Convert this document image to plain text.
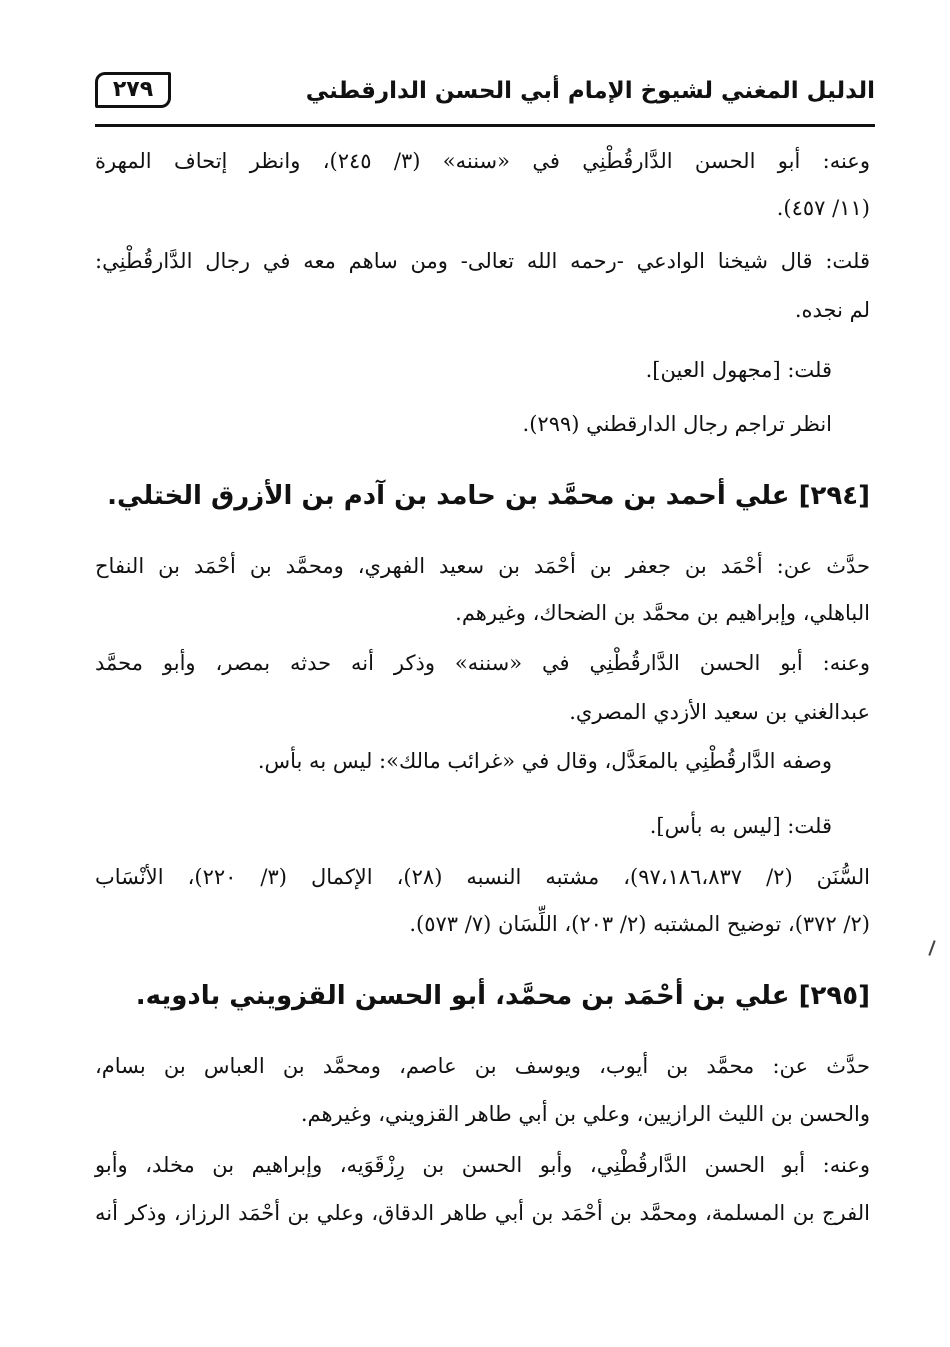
الدليل المغني لشيوخ الإمام أبي الحسن الدارقطني
٢٧٩
وعنه: أبو الحسن الدَّارقُطْنِي في «سننه» (٣/ ٢٤٥)، وانظر إتحاف المهرة
(١١/ ٤٥٧).
قلت: قال شيخنا الوادعي -رحمه الله تعالى- ومن ساهم معه في رجال الدَّارقُطْنِي:
لم نجده.
قلت: [مجهول العين].
انظر تراجم رجال الدارقطني (٢٩٩).
[٢٩٤] علي أحمد بن محمَّد بن حامد بن آدم بن الأزرق الختلي.
حدَّث عن: أحْمَد بن جعفر بن أحْمَد بن سعيد الفهري، ومحمَّد بن أحْمَد بن النفاح
الباهلي، وإبراهيم بن محمَّد بن الضحاك، وغيرهم.
وعنه: أبو الحسن الدَّارقُطْنِي في «سننه» وذكر أنه حدثه بمصر، وأبو محمَّد
عبدالغني بن سعيد الأزدي المصري.
وصفه الدَّارقُطْنِي بالمعَدَّل، وقال في «غرائب مالك»: ليس به بأس.
قلت: [ليس به بأس].
السُّنَن (٢/ ٩٧،١٨٦،٨٣٧)، مشتبه النسبه (٢٨)، الإكمال (٣/ ٢٢٠)، الأنْسَاب
(٢/ ٣٧٢)، توضيح المشتبه (٢/ ٢٠٣)، اللِّسَان (٧/ ٥٧٣).
[٢٩٥] علي بن أحْمَد بن محمَّد، أبو الحسن القزويني بادويه.
حدَّث عن: محمَّد بن أيوب، ويوسف بن عاصم، ومحمَّد بن العباس بن بسام،
والحسن بن الليث الرازيين، وعلي بن أبي طاهر القزويني، وغيرهم.
وعنه: أبو الحسن الدَّارقُطْنِي، وأبو الحسن بن رِزْقَوَيه، وإبراهيم بن مخلد، وأبو
الفرج بن المسلمة، ومحمَّد بن أحْمَد بن أبي طاهر الدقاق، وعلي بن أحْمَد الرزاز، وذكر أنه
